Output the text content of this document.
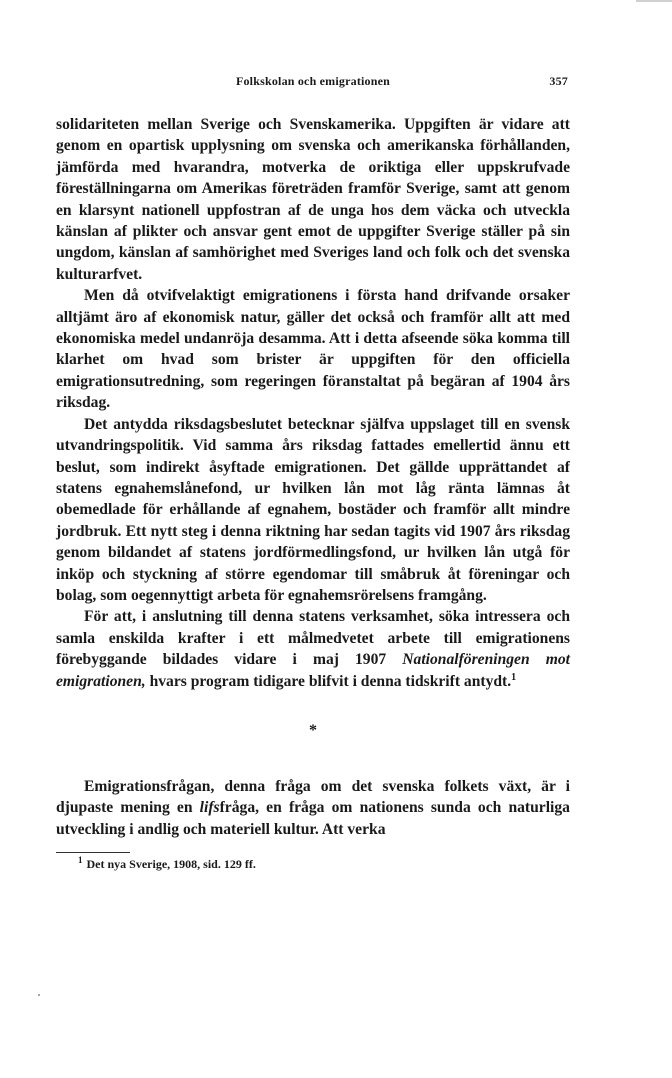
Folkskolan och emigrationen	357

solidariteten mellan Sverige och Svenskamerika. Uppgiften är vidare att genom en opartisk upplysning om svenska och amerikanska förhållanden, jämförda med hvarandra, motverka de oriktiga eller uppskrufvade föreställningarna om Amerikas företräden framför Sverige, samt att genom en klarsynt nationell uppfostran af de unga hos dem väcka och utveckla känslan af plikter och ansvar gent emot de uppgifter Sverige ställer på sin ungdom, känslan af samhörighet med Sveriges land och folk och det svenska kulturarfvet.

Men då otvifvelaktigt emigrationens i första hand drifvande orsaker alltjämt äro af ekonomisk natur, gäller det också och framför allt att med ekonomiska medel undanröja desamma. Att i detta afseende söka komma till klarhet om hvad som brister är uppgiften för den officiella emigrationsutredning, som regeringen föranstaltat på begäran af 1904 års riksdag.

Det antydda riksdagsbeslutet betecknar själfva uppslaget till en svensk utvandringspolitik. Vid samma års riksdag fattades emellertid ännu ett beslut, som indirekt åsyftade emigrationen. Det gällde upprättandet af statens egnahemslånefond, ur hvilken lån mot låg ränta lämnas åt obemedlade för erhållande af egnahem, bostäder och framför allt mindre jordbruk. Ett nytt steg i denna riktning har sedan tagits vid 1907 års riksdag genom bildandet af statens jordförmedlingsfond, ur hvilken lån utgå för inköp och styckning af större egendomar till småbruk åt föreningar och bolag, som oegennyttigt arbeta för egnahemsrörelsens framgång.

För att, i anslutning till denna statens verksamhet, söka intressera och samla enskilda krafter i ett målmedvetet arbete till emigrationens förebyggande bildades vidare i maj 1907 Nationalföreningen mot emigrationen, hvars program tidigare blifvit i denna tidskrift antydt.$^1$

*

Emigrationsfrågan, denna fråga om det svenska folkets växt, är i djupaste mening en lifsfråga, en fråga om nationens sunda och naturliga utveckling i andlig och materiell kultur. Att verka

$^1$ Det nya Sverige, 1908, sid. 129 ff.
